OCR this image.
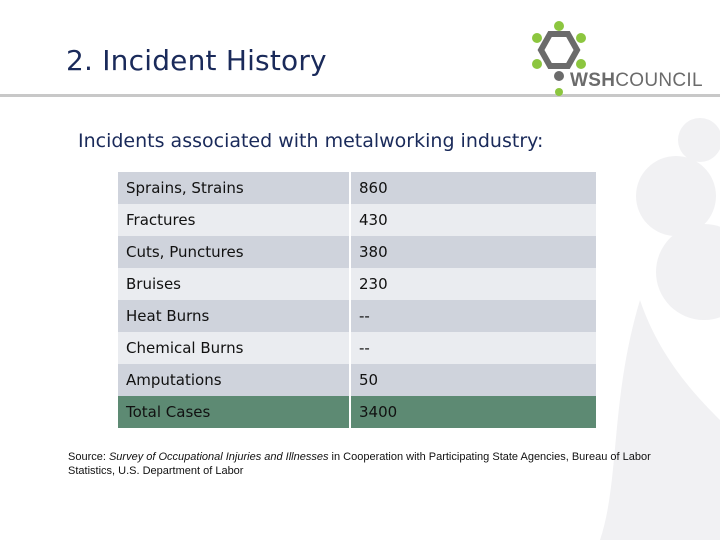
2. Incident History
WSHCOUNCIL
Incidents associated with metalworking industry:
Sprains, Strains	860
Fractures	430
Cuts, Punctures	380
Bruises	230
Heat Burns	--
Chemical Burns	--
Amputations	50
Total Cases	3400
Source: Survey of Occupational Injuries and Illnesses in Cooperation with Participating State Agencies, Bureau of Labor Statistics, U.S. Department of Labor
